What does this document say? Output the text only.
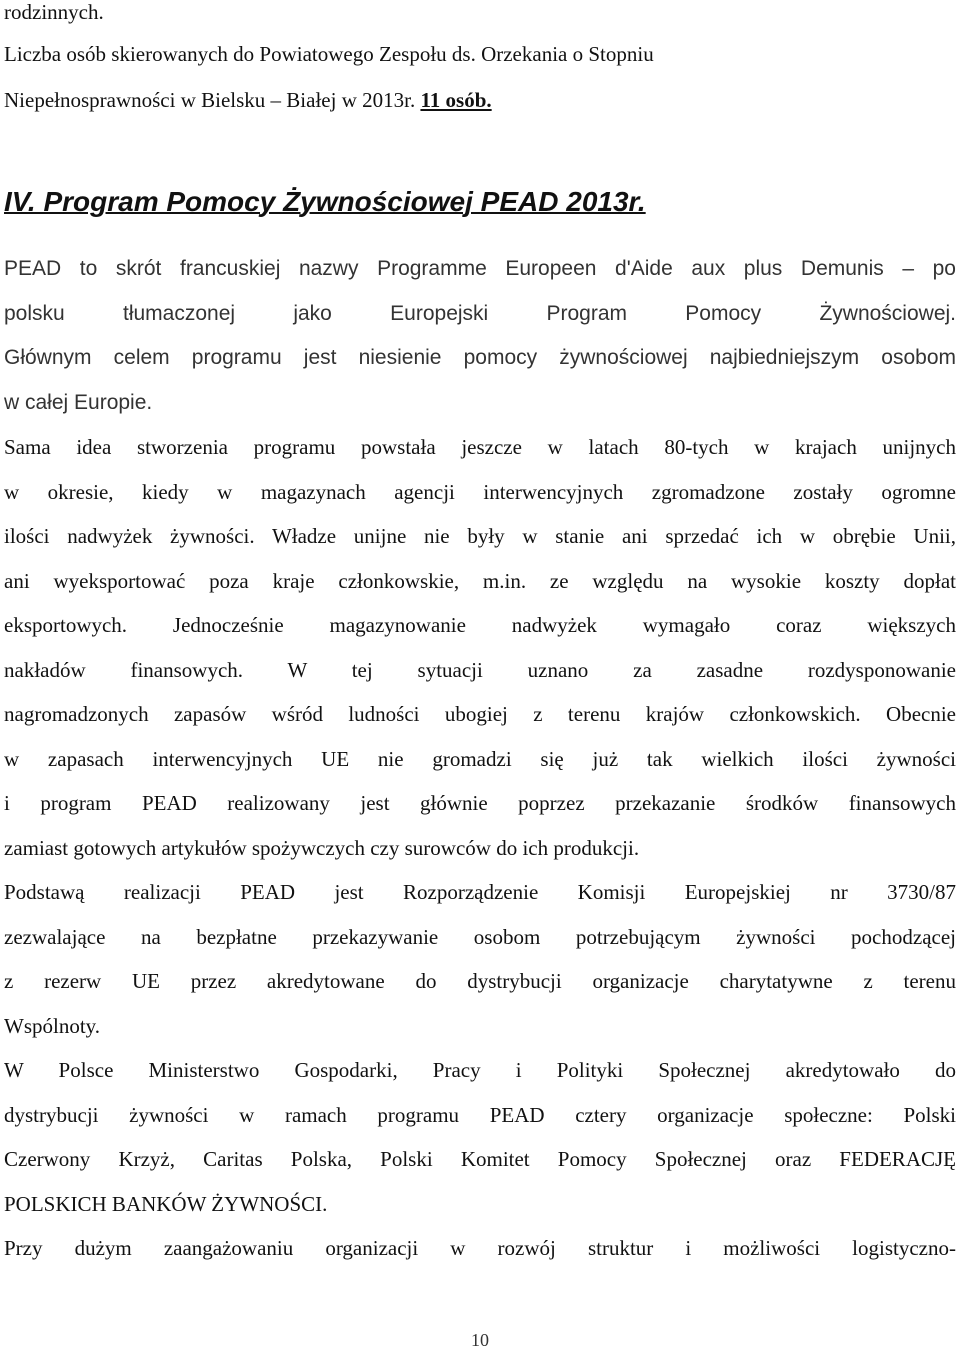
rodzinnych.
Liczba osób skierowanych do Powiatowego Zespołu ds. Orzekania o Stopniu
Niepełnosprawności w Bielsku – Białej w 2013r. 11 osób.
IV. Program Pomocy Żywnościowej PEAD 2013r.
PEAD to skrót francuskiej nazwy Programme Europeen d'Aide aux plus Demunis – po
polsku tłumaczonej jako Europejski Program Pomocy Żywnościowej.
Głównym celem programu jest niesienie pomocy żywnościowej najbiedniejszym osobom
w całej Europie.
Sama idea stworzenia programu powstała jeszcze w latach 80-tych w krajach unijnych
w okresie, kiedy w magazynach agencji interwencyjnych zgromadzone zostały ogromne
ilości nadwyżek żywności. Władze unijne nie były w stanie ani sprzedać ich w obrębie Unii,
ani wyeksportować poza kraje członkowskie, m.in. ze względu na wysokie koszty dopłat
eksportowych. Jednocześnie magazynowanie nadwyżek wymagało coraz większych
nakładów finansowych. W tej sytuacji uznano za zasadne rozdysponowanie
nagromadzonych zapasów wśród ludności ubogiej z terenu krajów członkowskich. Obecnie
w zapasach interwencyjnych UE nie gromadzi się już tak wielkich ilości żywności
i program PEAD realizowany jest głównie poprzez przekazanie środków finansowych
zamiast gotowych artykułów spożywczych czy surowców do ich produkcji.
Podstawą realizacji PEAD jest Rozporządzenie Komisji Europejskiej nr 3730/87
zezwalające na bezpłatne przekazywanie osobom potrzebującym żywności pochodzącej
z rezerw UE przez akredytowane do dystrybucji organizacje charytatywne z terenu
Wspólnoty.
W Polsce Ministerstwo Gospodarki, Pracy i Polityki Społecznej akredytowało do
dystrybucji żywności w ramach programu PEAD cztery organizacje społeczne: Polski
Czerwony Krzyż, Caritas Polska, Polski Komitet Pomocy Społecznej oraz FEDERACJĘ
POLSKICH BANKÓW ŻYWNOŚCI.
Przy dużym zaangażowaniu organizacji w rozwój struktur i możliwości logistyczno-
10
